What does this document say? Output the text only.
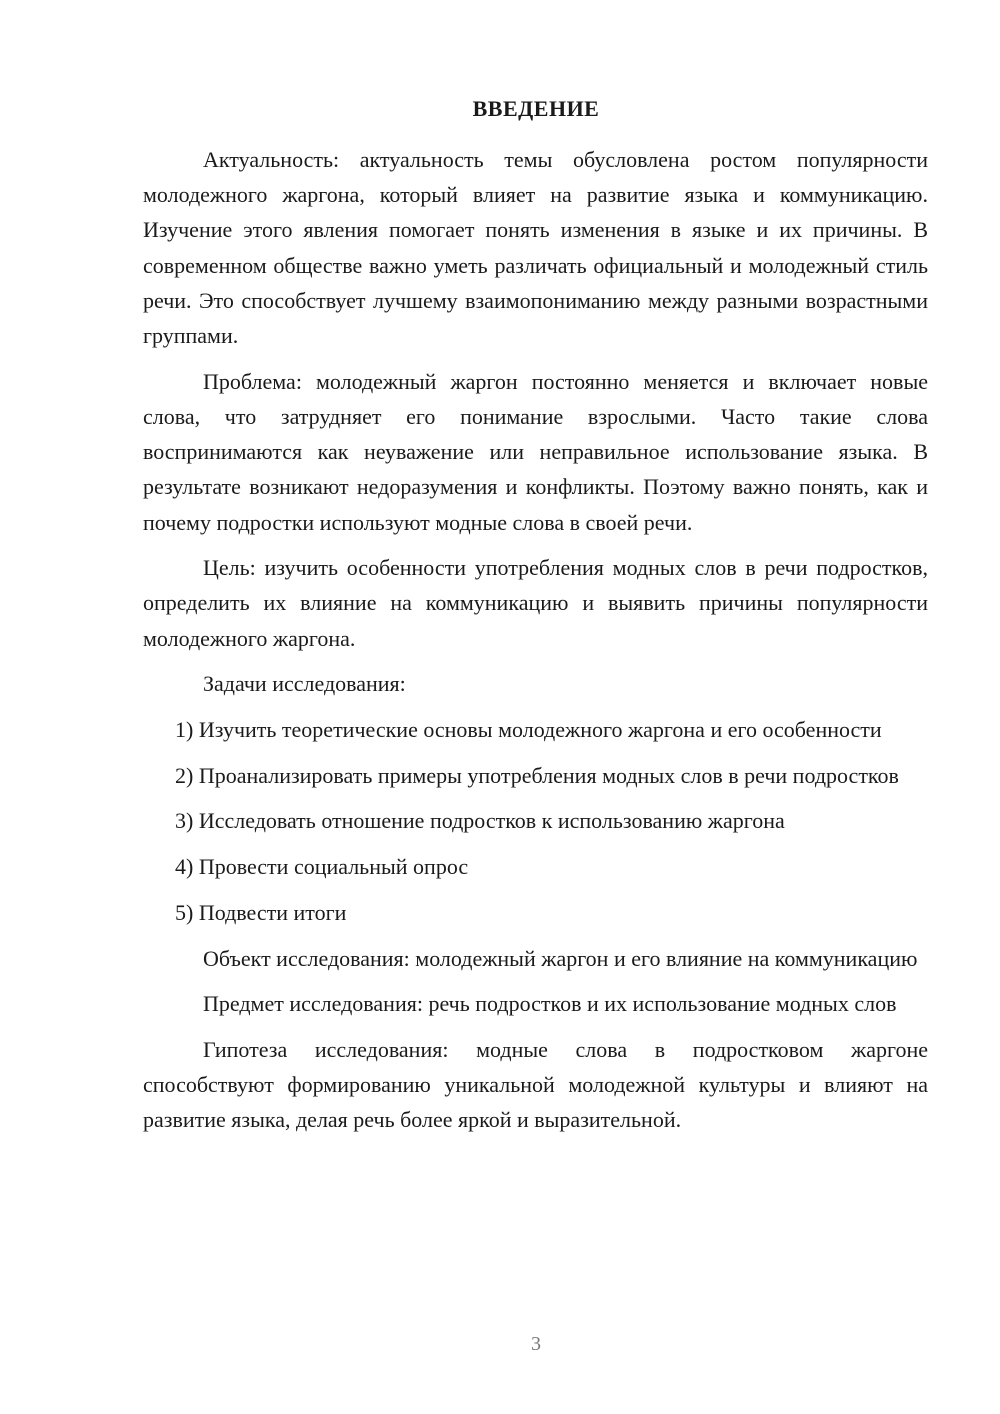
ВВЕДЕНИЕ

Актуальность: актуальность темы обусловлена ростом популярности молодежного жаргона, который влияет на развитие языка и коммуникацию. Изучение этого явления помогает понять изменения в языке и их причины. В современном обществе важно уметь различать официальный и молодежный стиль речи. Это способствует лучшему взаимопониманию между разными возрастными группами.

Проблема: молодежный жаргон постоянно меняется и включает новые слова, что затрудняет его понимание взрослыми. Часто такие слова воспринимаются как неуважение или неправильное использование языка. В результате возникают недоразумения и конфликты. Поэтому важно понять, как и почему подростки используют модные слова в своей речи.

Цель: изучить особенности употребления модных слов в речи подростков, определить их влияние на коммуникацию и выявить причины популярности молодежного жаргона.

Задачи исследования:

1) Изучить теоретические основы молодежного жаргона и его особенности

2) Проанализировать примеры употребления модных слов в речи подростков

3) Исследовать отношение подростков к использованию жаргона

4) Провести социальный опрос

5) Подвести итоги

Объект исследования: молодежный жаргон и его влияние на коммуникацию

Предмет исследования: речь подростков и их использование модных слов

Гипотеза исследования: модные слова в подростковом жаргоне способствуют формированию уникальной молодежной культуры и влияют на развитие языка, делая речь более яркой и выразительной.

3
